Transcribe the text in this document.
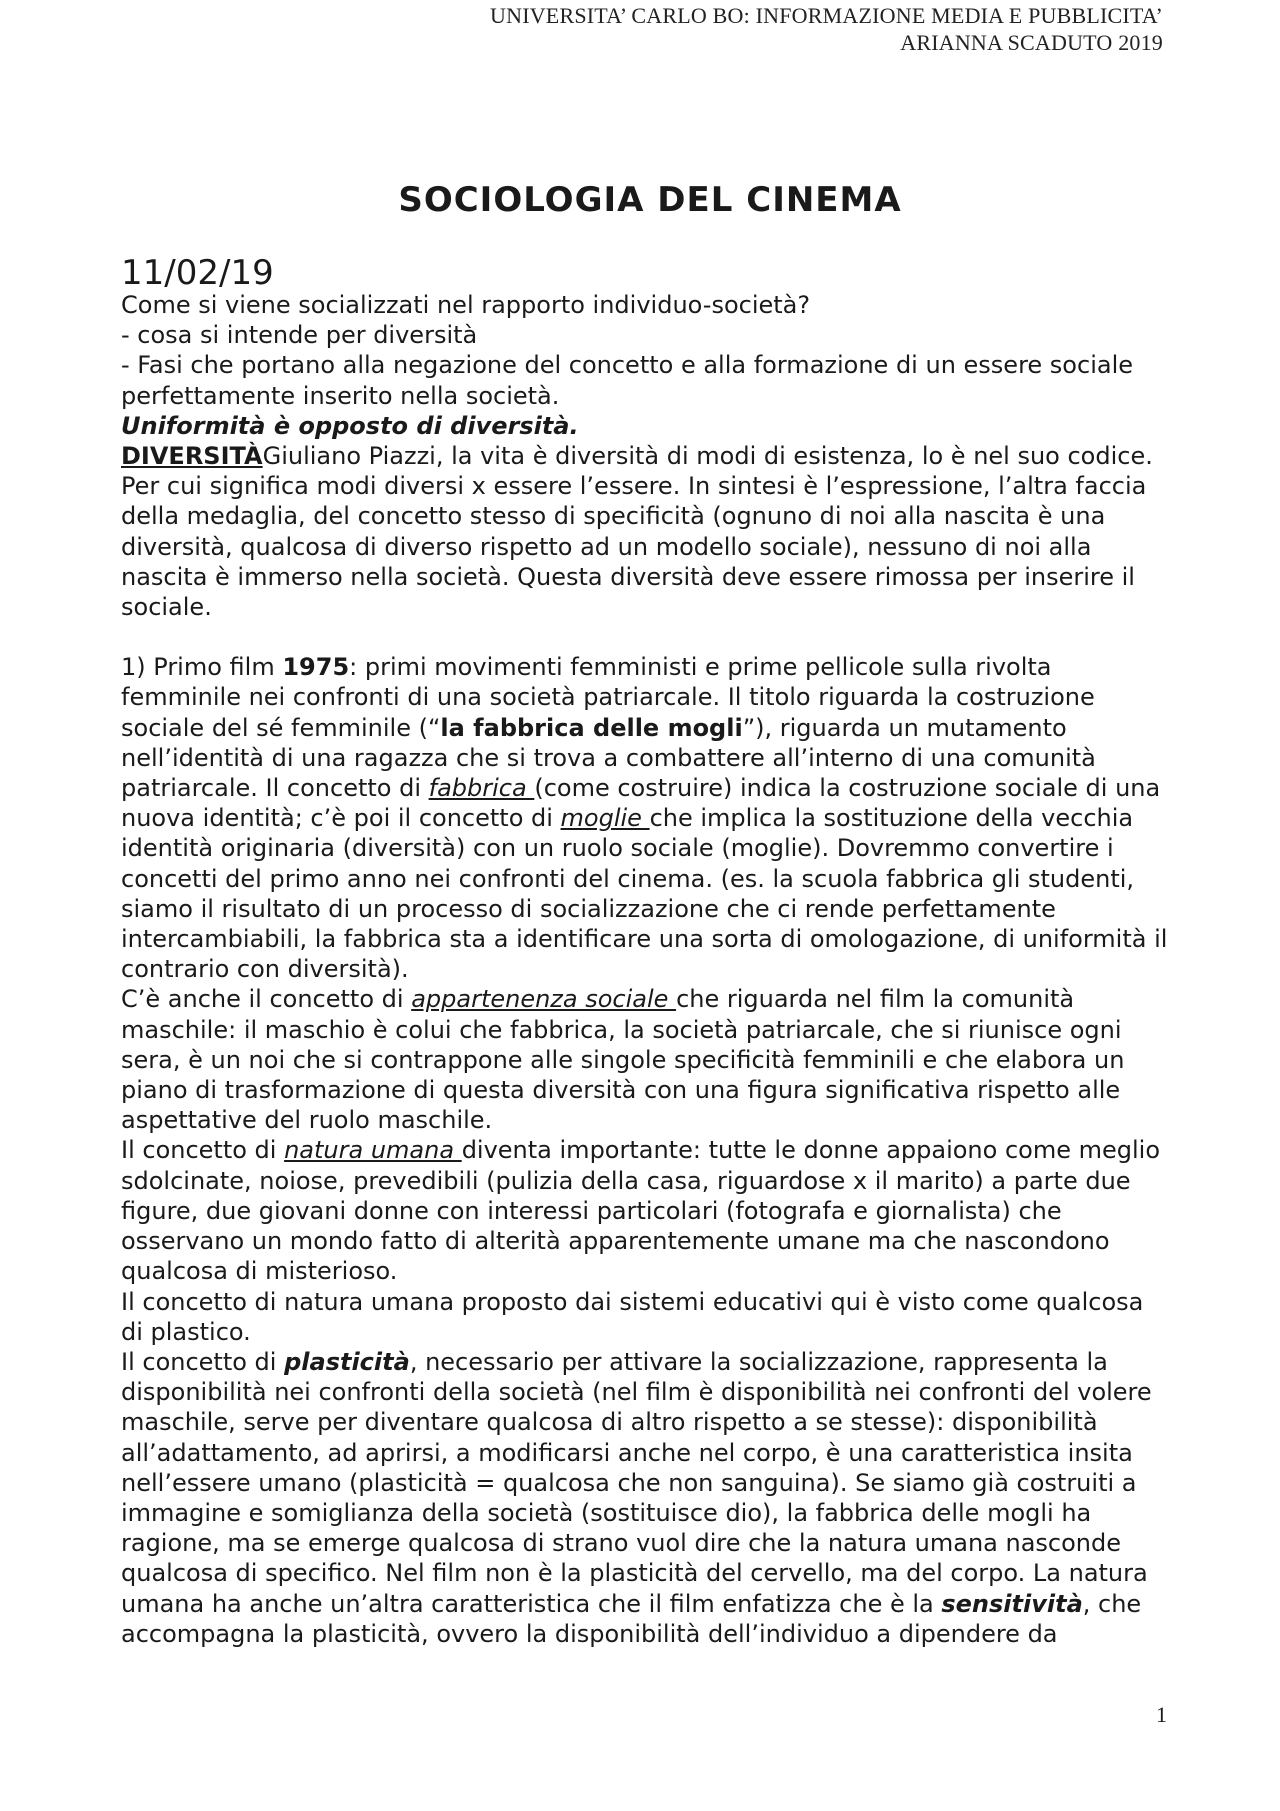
UNIVERSITA’ CARLO BO: INFORMAZIONE MEDIA E PUBBLICITA’
ARIANNA SCADUTO 2019
SOCIOLOGIA DEL CINEMA
11/02/19

Come si viene socializzati nel rapporto individuo-società?

- cosa si intende per diversità

- Fasi che portano alla negazione del concetto e alla formazione di un essere sociale perfettamente inserito nella società.

Uniformità è opposto di diversità.

DIVERSITÀGiuliano Piazzi, la vita è diversità di modi di esistenza, lo è nel suo codice. Per cui significa modi diversi x essere l’essere. In sintesi è l’espressione, l’altra faccia della medaglia, del concetto stesso di specificità (ognuno di noi alla nascita è una diversità, qualcosa di diverso rispetto ad un modello sociale), nessuno di noi alla nascita è immerso nella società. Questa diversità deve essere rimossa per inserire il sociale.

1) Primo film 1975: primi movimenti femministi e prime pellicole sulla rivolta femminile nei confronti di una società patriarcale. Il titolo riguarda la costruzione sociale del sé femminile (“la fabbrica delle mogli”), riguarda un mutamento nell’identità di una ragazza che si trova a combattere all’interno di una comunità patriarcale. Il concetto di fabbrica (come costruire) indica la costruzione sociale di una nuova identità; c’è poi il concetto di moglie che implica la sostituzione della vecchia identità originaria (diversità) con un ruolo sociale (moglie). Dovremmo convertire i concetti del primo anno nei confronti del cinema. (es. la scuola fabbrica gli studenti, siamo il risultato di un processo di socializzazione che ci rende perfettamente intercambiabili, la fabbrica sta a identificare una sorta di omologazione, di uniformità il contrario con diversità).

C’è anche il concetto di appartenenza sociale che riguarda nel film la comunità maschile: il maschio è colui che fabbrica, la società patriarcale, che si riunisce ogni sera, è un noi che si contrappone alle singole specificità femminili e che elabora un piano di trasformazione di questa diversità con una figura significativa rispetto alle aspettative del ruolo maschile.

Il concetto di natura umana diventa importante: tutte le donne appaiono come meglio sdolcinate, noiose, prevedibili (pulizia della casa, riguardose x il marito) a parte due figure, due giovani donne con interessi particolari (fotografa e giornalista) che osservano un mondo fatto di alterità apparentemente umane ma che nascondono qualcosa di misterioso.

Il concetto di natura umana proposto dai sistemi educativi qui è visto come qualcosa di plastico.

Il concetto di plasticità, necessario per attivare la socializzazione, rappresenta la disponibilità nei confronti della società (nel film è disponibilità nei confronti del volere maschile, serve per diventare qualcosa di altro rispetto a se stesse): disponibilità all’adattamento, ad aprirsi, a modificarsi anche nel corpo, è una caratteristica insita nell’essere umano (plasticità = qualcosa che non sanguina). Se siamo già costruiti a immagine e somiglianza della società (sostituisce dio), la fabbrica delle mogli ha ragione, ma se emerge qualcosa di strano vuol dire che la natura umana nasconde qualcosa di specifico. Nel film non è la plasticità del cervello, ma del corpo. La natura umana ha anche un’altra caratteristica che il film enfatizza che è la sensitività, che accompagna la plasticità, ovvero la disponibilità dell’individuo a dipendere da

1
